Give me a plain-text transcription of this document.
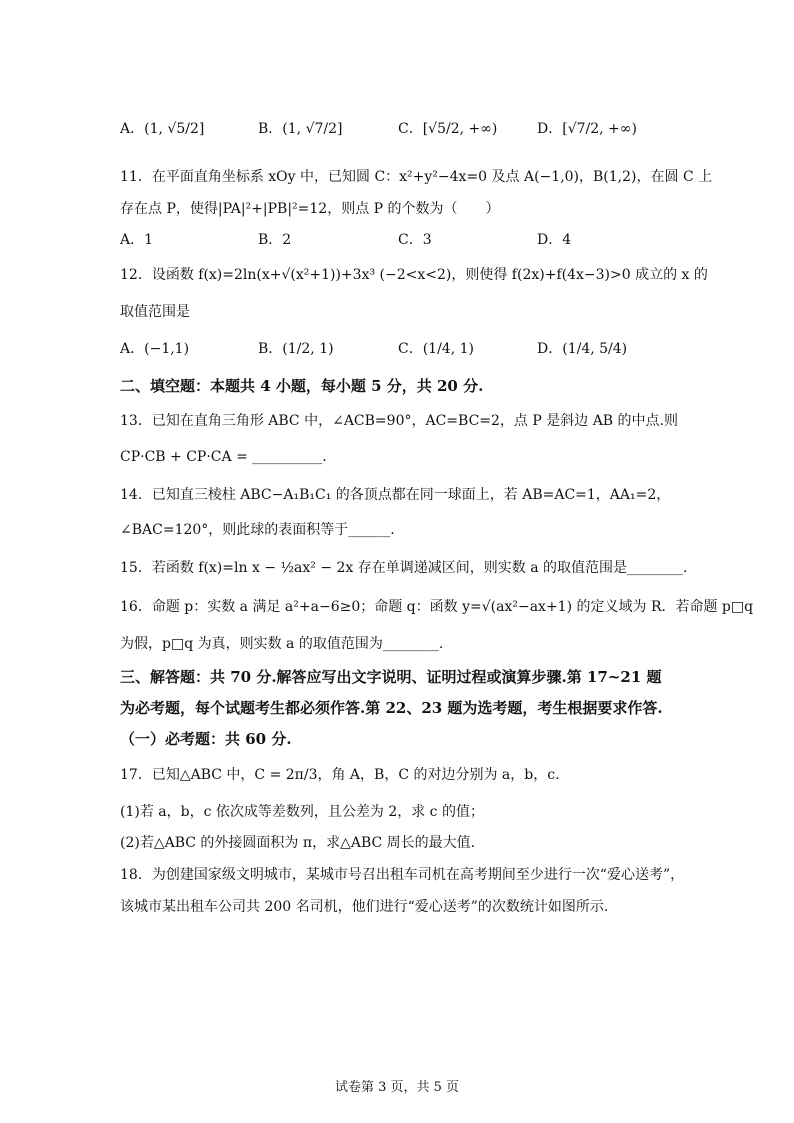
A．(1, √5/2]	B．(1, √7/2]	C．[√5/2, +∞)	D．[√7/2, +∞)
11．在平面直角坐标系 xOy 中，已知圆 C：x²+y²−4x=0 及点 A(−1,0)，B(1,2)，在圆 C 上
存在点 P，使得|PA|²+|PB|²=12，则点 P 的个数为（　　）
A．1	B．2	C．3	D．4
12．设函数 f(x)=2ln(x+√(x²+1))+3x³ (−2<x<2)，则使得 f(2x)+f(4x−3)>0 成立的 x 的
取值范围是
A．(−1,1)	B．(1/2, 1)	C．(1/4, 1)	D．(1/4, 5/4)
二、填空题：本题共 4 小题，每小题 5 分，共 20 分.
13．已知在直角三角形 ABC 中，∠ACB=90°，AC=BC=2，点 P 是斜边 AB 的中点.则
CP·CB + CP·CA = __________.
14．已知直三棱柱 ABC−A₁B₁C₁ 的各顶点都在同一球面上，若 AB=AC=1，AA₁=2，
∠BAC=120°，则此球的表面积等于______.
15．若函数 f(x)=ln x − ½ax² − 2x 存在单调递减区间，则实数 a 的取值范围是________.
16．命题 p：实数 a 满足 a²+a−6≥0；命题 q：函数 y=√(ax²−ax+1) 的定义域为 R．若命题 p□q
为假，p□q 为真，则实数 a 的取值范围为________.
三、解答题：共 70 分.解答应写出文字说明、证明过程或演算步骤.第 17~21 题
为必考题，每个试题考生都必须作答.第 22、23 题为选考题，考生根据要求作答.
（一）必考题：共 60 分.
17．已知△ABC 中，C = 2π/3，角 A，B，C 的对边分别为 a，b，c.
(1)若 a，b，c 依次成等差数列，且公差为 2，求 c 的值；
(2)若△ABC 的外接圆面积为 π，求△ABC 周长的最大值.
18．为创建国家级文明城市，某城市号召出租车司机在高考期间至少进行一次“爱心送考”，
该城市某出租车公司共 200 名司机，他们进行“爱心送考”的次数统计如图所示.
试卷第 3 页，共 5 页
